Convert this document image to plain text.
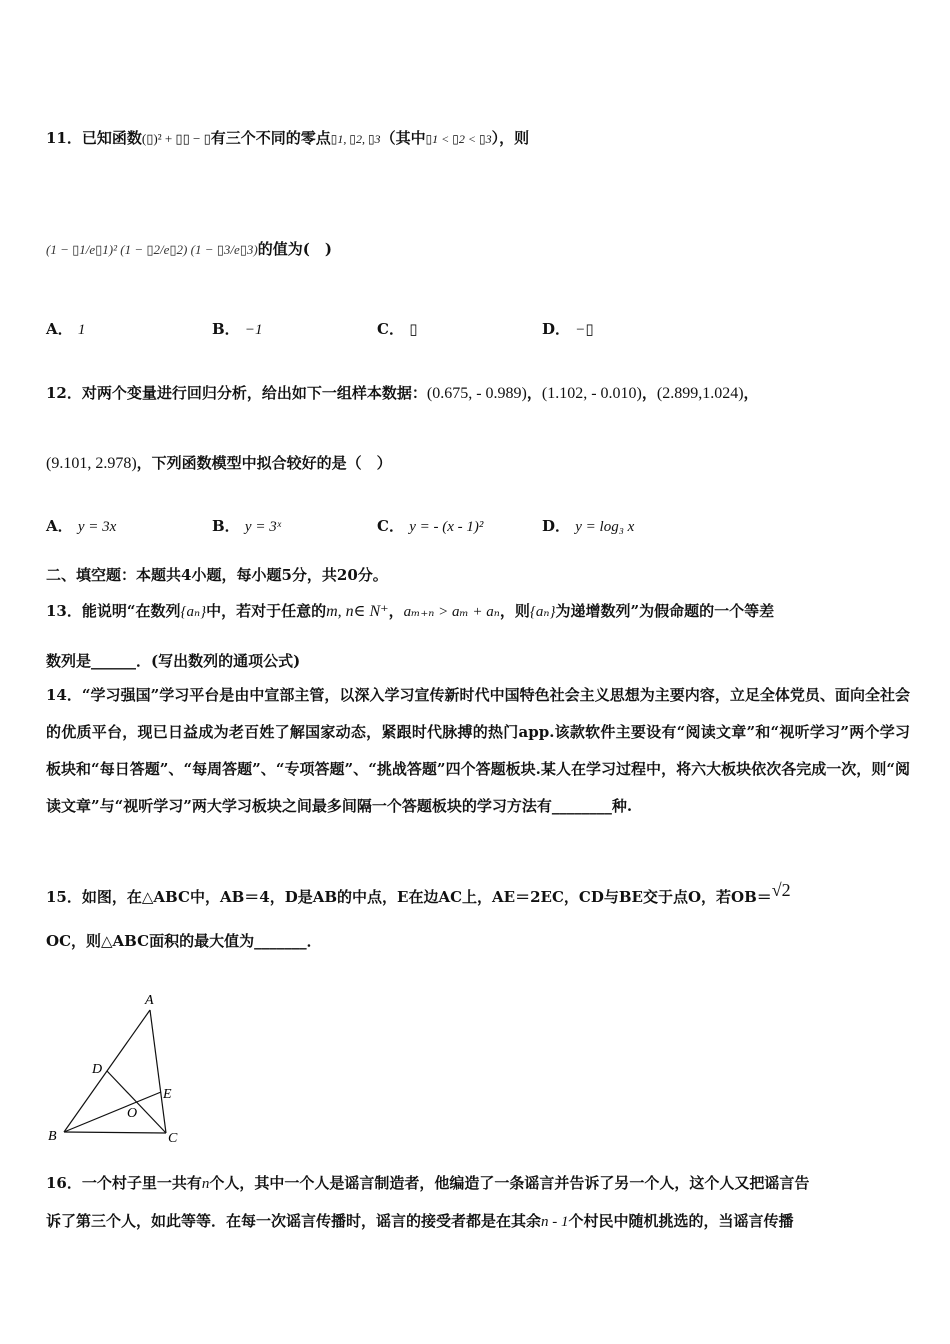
11．已知函数(▯)² + ▯▯ − ▯有三个不同的零点▯1, ▯2, ▯3（其中▯1 < ▯2 < ▯3），则
(1 − ▯1/e▯1)² (1 − ▯2/e▯2) (1 − ▯3/e▯3)的值为(　)
A． 1	B． −1	C． ▯	D． −▯
12．对两个变量进行回归分析，给出如下一组样本数据：(0.675, - 0.989)，(1.102, - 0.010)，(2.899,1.024)，
(9.101, 2.978)，下列函数模型中拟合较好的是（　）
A． y = 3x	B． y = 3ˣ	C． y = - (x - 1)²	D． y = log₃ x
二、填空题：本题共4小题，每小题5分，共20分。
13．能说明“在数列{aₙ}中，若对于任意的m, n∈ N⁺，aₘ₊ₙ > aₘ + aₙ，则{aₙ}为递增数列”为假命题的一个等差
数列是______．(写出数列的通项公式)
14．“学习强国”学习平台是由中宣部主管，以深入学习宣传新时代中国特色社会主义思想为主要内容，立足全体党员、面向全社会的优质平台，现已日益成为老百姓了解国家动态，紧跟时代脉搏的热门app.该款软件主要设有“阅读文章”和“视听学习”两个学习板块和“每日答题”、“每周答题”、“专项答题”、“挑战答题”四个答题板块.某人在学习过程中，将六大板块依次各完成一次，则“阅读文章”与“视听学习”两大学习板块之间最多间隔一个答题板块的学习方法有________种.
15．如图，在△ABC中，AB＝4，D是AB的中点，E在边AC上，AE＝2EC，CD与BE交于点O，若OB＝√2
OC，则△ABC面积的最大值为_______．
A
B	C
D
E
O
16．一个村子里一共有n个人，其中一个人是谣言制造者，他编造了一条谣言并告诉了另一个人，这个人又把谣言告
诉了第三个人，如此等等．在每一次谣言传播时，谣言的接受者都是在其余n - 1个村民中随机挑选的，当谣言传播
